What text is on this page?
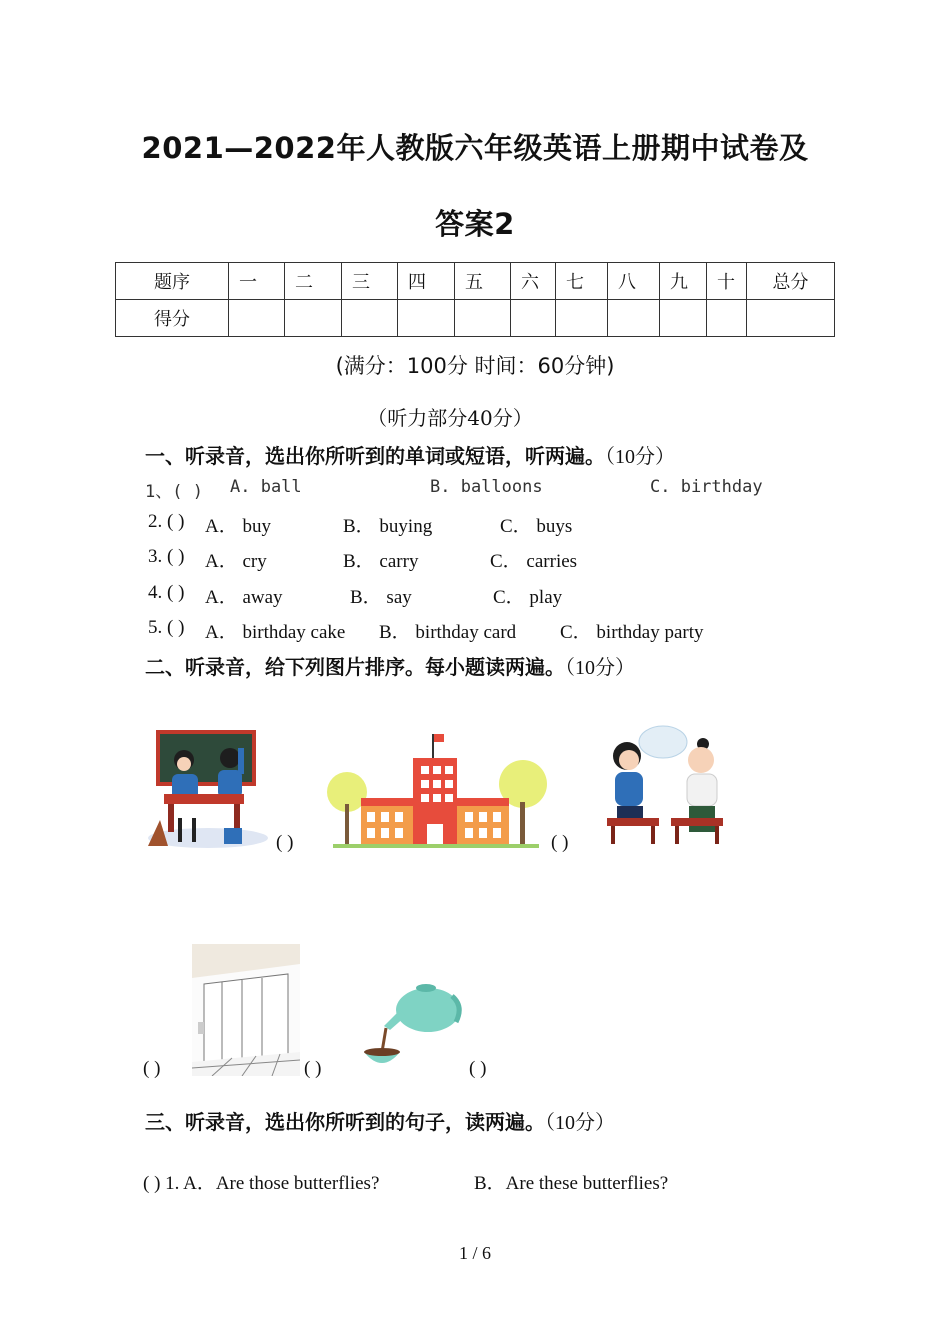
2021—2022年人教版六年级英语上册期中试卷及
答案2
题序	一	二	三	四	五	六	七	八	九	十	总分
得分											
(满分：100分 时间：60分钟)
（听力部分40分）
一、听录音，选出你所听到的单词或短语，听两遍。（10分）
1、( ) A. ball	B. balloons	C. birthday
2. ( ) A． buy	B． buying	C． buys
3. ( ) A． cry	B． carry	C． carries
4. ( ) A． away	B． say	C． play
5. ( ) A． birthday cake B． birthday card C． birthday party
二、听录音，给下列图片排序。每小题读两遍。（10分）
( )	( )
( )	( )	( )
三、听录音，选出你所听到的句子，读两遍。（10分）
( ) 1. A．Are those butterflies?	B．Are these butterflies?
1 / 6
